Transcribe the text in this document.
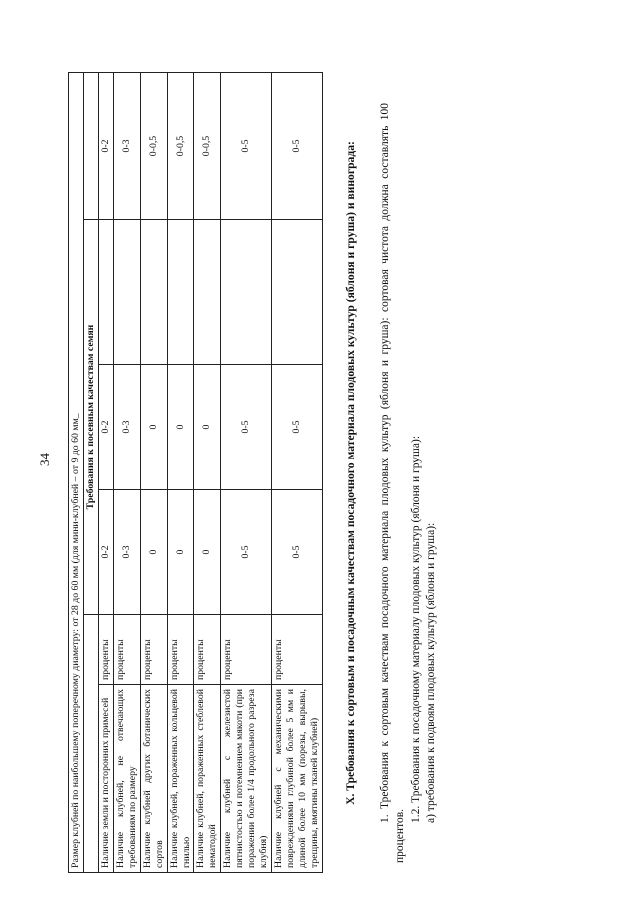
34 Размер клубней по наибольшему поперечному диаметру: от 28 до 60 мм (для мини-клубней – от 9 до 60 мм_					
		Требования к посевным качествам семян			
Наличие земли и посторонних примесей	проценты	0-2	0-2		0-2
Наличие клубней, не отвечающих требованиям по размеру	проценты	0-3	0-3		0-3
Наличие клубней других ботанических сортов	проценты	0	0		0-0,5
Наличие клубней, пораженных кольцевой гнилью	проценты	0	0		0-0,5
Наличие клубней, пораженных стеблевой нематодой	проценты	0	0		0-0,5
Наличие клубней с железистой пятнистостью и потемнением мякоти (при поражении более 1/4 продольного разреза клубня)	проценты	0-5	0-5		0-5
Наличие клубней с механическими повреждениями глубиной более 5 мм и длиной более 10 мм (порезы, вырывы, трещины, вмятины тканей клубней)	проценты	0-5	0-5		0-5	X. Требования к сортовым и посадочным качествам посадочного материала плодовых культур (яблоня и груша) и винограда: 1. Требования к сортовым качествам посадочного материала плодовых культур (яблоня и груша): сортовая чистота должна составлять 100 процентов.

1.2. Требования к посадочному материалу плодовых культур (яблоня и груша): а) требования к подвоям плодовых культур (яблоня и груша):
